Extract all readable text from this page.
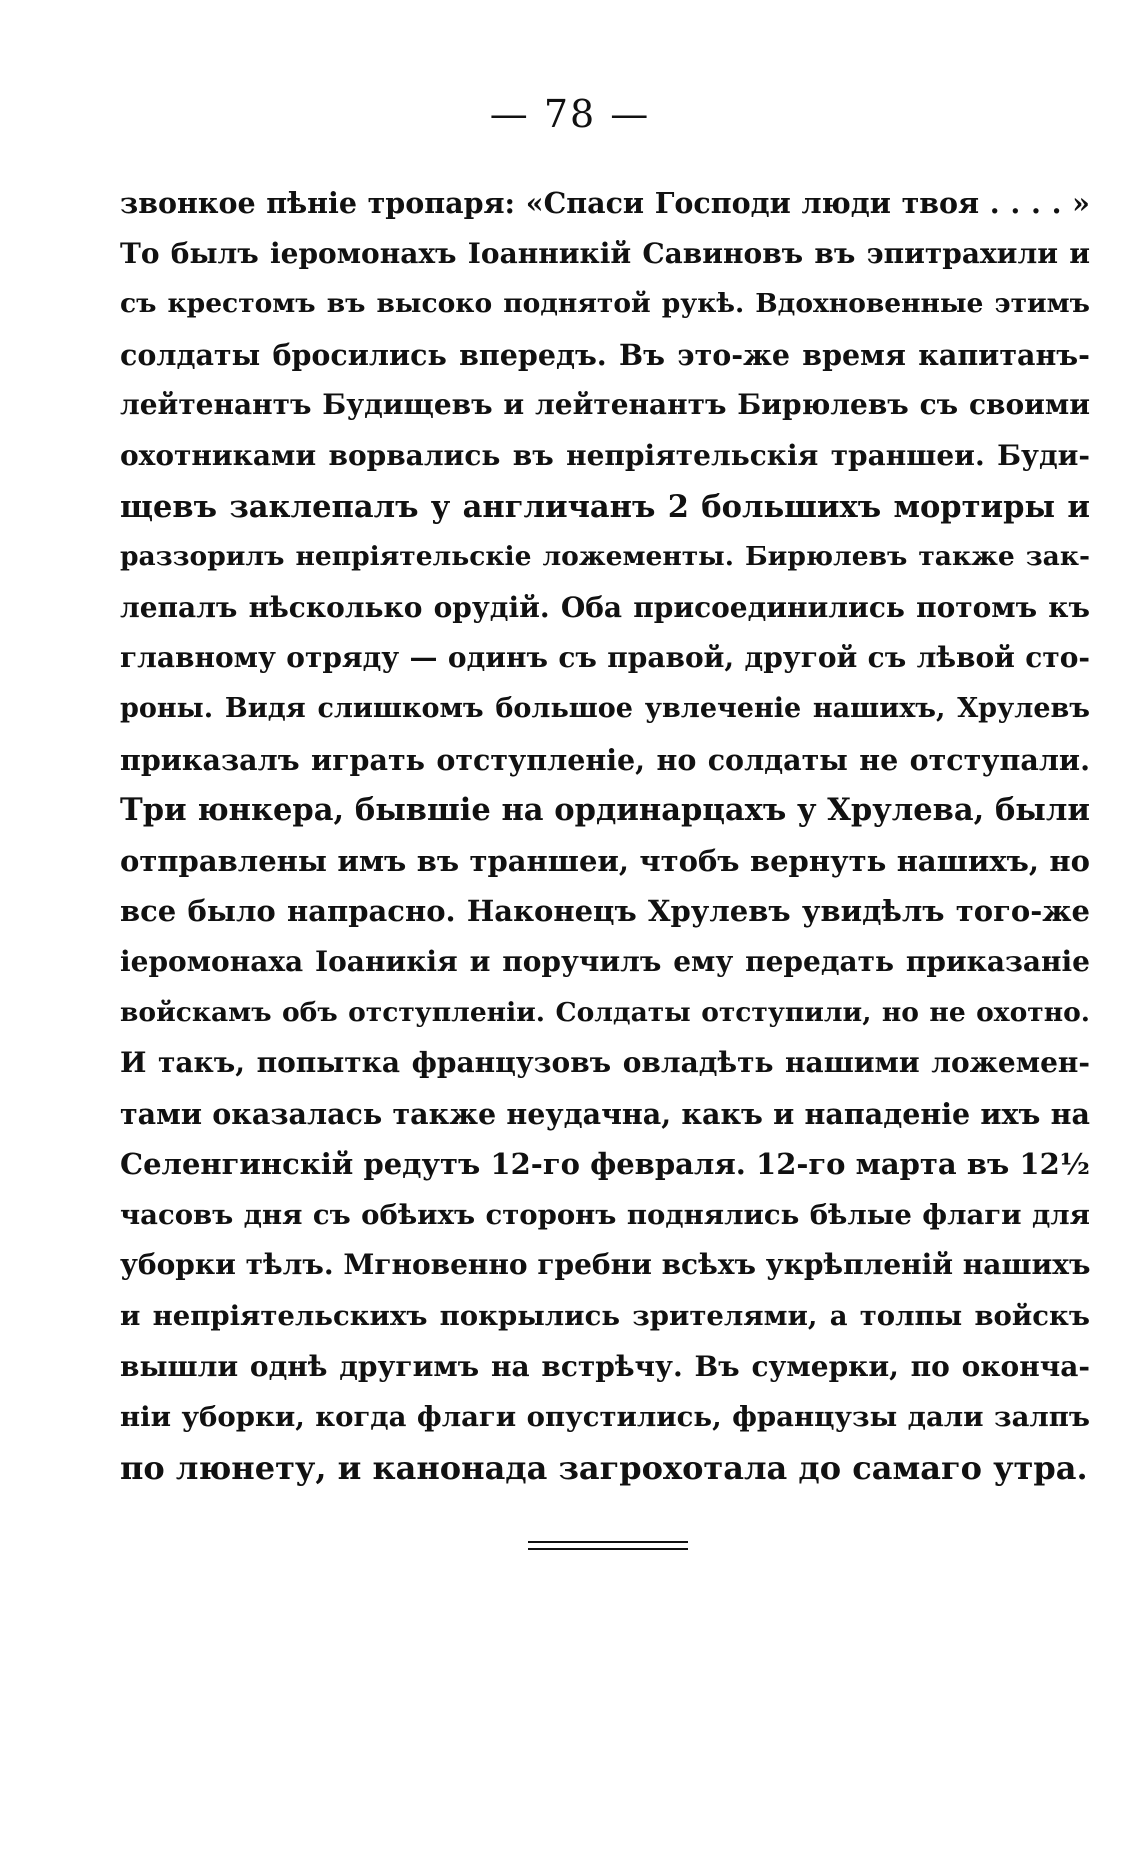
— 78 —
звонкое пѣніе тропаря: «Спаси Господи люди твоя . . . . »
То былъ іеромонахъ Іоанникій Савиновъ въ эпитрахили и
съ крестомъ въ высоко поднятой рукѣ. Вдохновенные этимъ
солдаты бросились впередъ. Въ это-же время капитанъ-
лейтенантъ Будищевъ и лейтенантъ Бирюлевъ съ своими
охотниками ворвались въ непріятельскія траншеи. Буди-
щевъ заклепалъ у англичанъ 2 большихъ мортиры и
раззорилъ непріятельскіе ложементы. Бирюлевъ также зак-
лепалъ нѣсколько орудій. Оба присоединились потомъ къ
главному отряду — одинъ съ правой, другой съ лѣвой сто-
роны. Видя слишкомъ большое увлеченіе нашихъ, Хрулевъ
приказалъ играть отступленіе, но солдаты не отступали.
Три юнкера, бывшіе на ординарцахъ у Хрулева, были
отправлены имъ въ траншеи, чтобъ вернуть нашихъ, но
все было напрасно. Наконецъ Хрулевъ увидѣлъ того-же
іеромонаха Іоаникія и поручилъ ему передать приказаніе
войскамъ объ отступленіи. Солдаты отступили, но не охотно.
И такъ, попытка французовъ овладѣть нашими ложемен-
тами оказалась также неудачна, какъ и нападеніе ихъ на
Селенгинскій редутъ 12-го февраля. 12-го марта въ 12½
часовъ дня съ обѣихъ сторонъ поднялись бѣлые флаги для
уборки тѣлъ. Мгновенно гребни всѣхъ укрѣпленій нашихъ
и непріятельскихъ покрылись зрителями, а толпы войскъ
вышли однѣ другимъ на встрѣчу. Въ сумерки, по оконча-
ніи уборки, когда флаги опустились, французы дали залпъ
по люнету, и канонада загрохотала до самаго утра.
